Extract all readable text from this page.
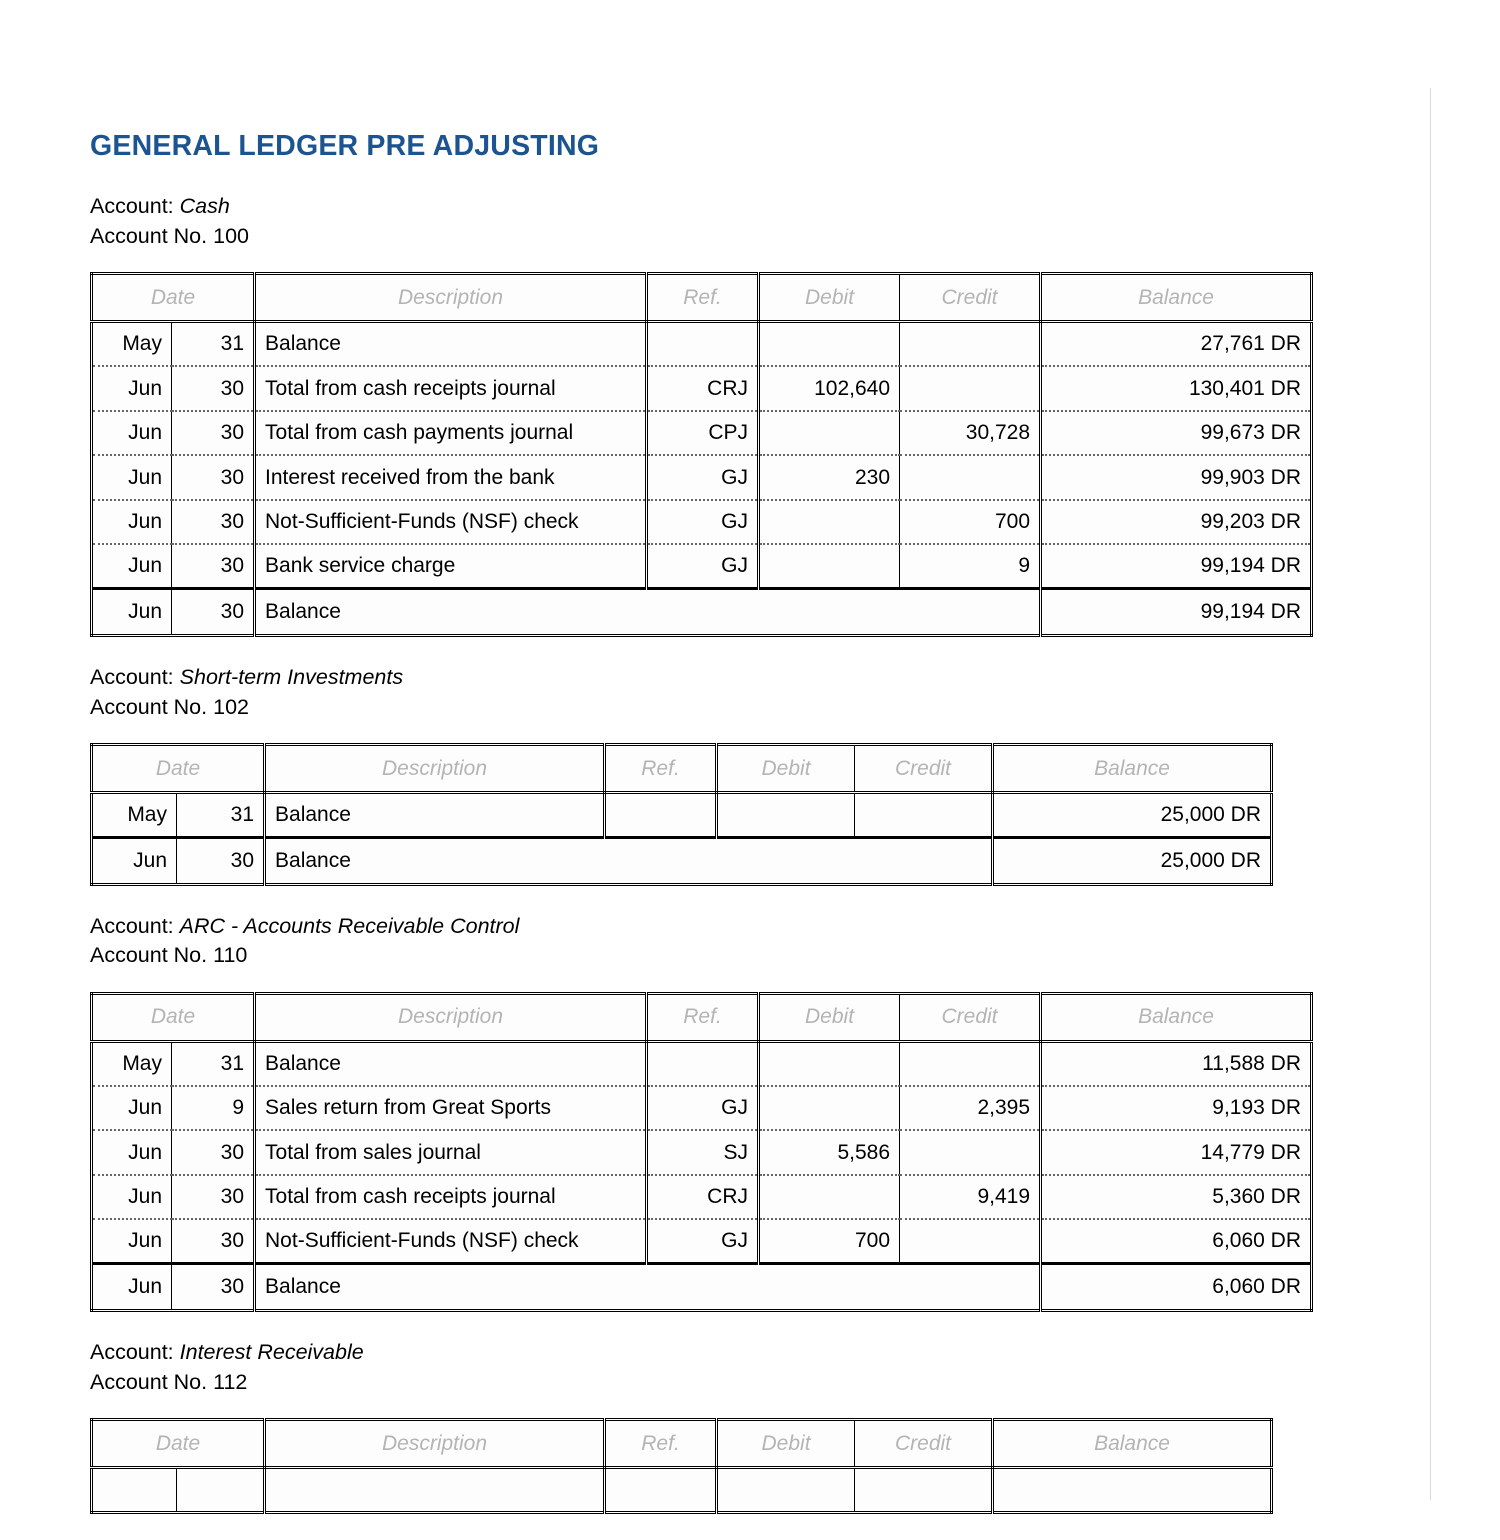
GENERAL LEDGER PRE ADJUSTING
Account: Cash
Account No. 100
Date		Description	Ref.	Debit	Credit	Balance
May	31	Balance				27,761 DR
Jun	30	Total from cash receipts journal	CRJ	102,640		130,401 DR
Jun	30	Total from cash payments journal	CPJ		30,728	99,673 DR
Jun	30	Interest received from the bank	GJ	230		99,903 DR
Jun	30	Not-Sufficient-Funds (NSF) check	GJ		700	99,203 DR
Jun	30	Bank service charge	GJ		9	99,194 DR
Jun	30	Balance				99,194 DR
Account: Short-term Investments
Account No. 102
Date		Description	Ref.	Debit	Credit	Balance
May	31	Balance				25,000 DR
Jun	30	Balance				25,000 DR
Account: ARC - Accounts Receivable Control
Account No. 110
Date		Description	Ref.	Debit	Credit	Balance
May	31	Balance				11,588 DR
Jun	9	Sales return from Great Sports	GJ		2,395	9,193 DR
Jun	30	Total from sales journal	SJ	5,586		14,779 DR
Jun	30	Total from cash receipts journal	CRJ		9,419	5,360 DR
Jun	30	Not-Sufficient-Funds (NSF) check	GJ	700		6,060 DR
Jun	30	Balance				6,060 DR
Account: Interest Receivable
Account No. 112
Date		Description	Ref.	Debit	Credit	Balance
